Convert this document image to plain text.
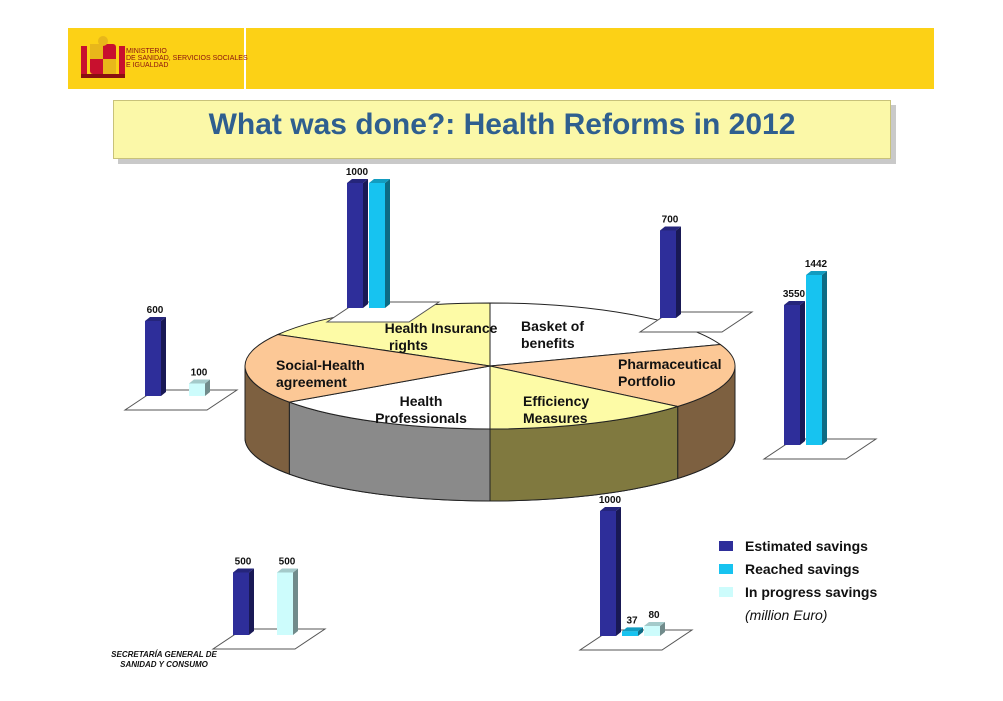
MINISTERIO
DE SANIDAD, SERVICIOS SOCIALES
E IGUALDAD
What was done?: Health Reforms in 2012
Health Insurance
rights
Basket of
benefits
Pharmaceutical
Portfolio
Efficiency
Measures
Health
Professionals
Social-Health
agreement
600
100
1000
700
3550
1442
1000
37 80
500	500
Estimated savings
Reached savings
In progress savings
(million Euro)
SECRETARÍA GENERAL DE SANIDAD Y CONSUMO
